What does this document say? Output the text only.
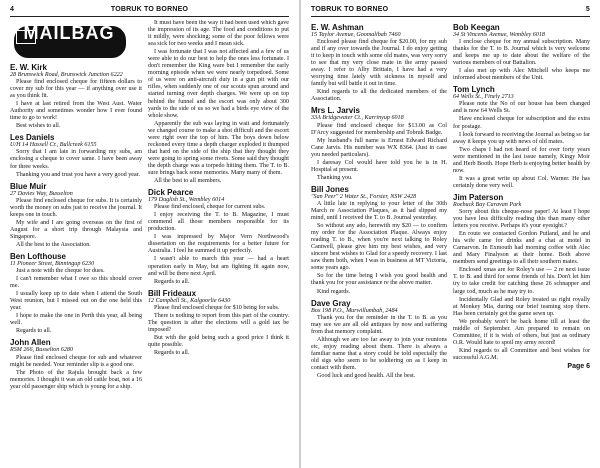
4	TOBRUK TO BORNEO
MAILBAG
E. W. Kirk
28 Brunswick Road, Brunswick Junction 6222

Please find enclosed cheque for fifteen dollars to cover my sub for this year — if anything over use it as you think fit.

I have at last retired from the West Aust. Water Authority and sometimes wonder how I ever found time to go to work!

Best wishes to all.

Les Daniels
U/H 14 Hassell Cr., Bullcreek 6155

Sorry that I am late in forwarding my subs, am enclosing a cheque to cover same. I have been away for three weeks.

Thanking you and trust you have a very good year.

Blue Muir
27 Davies Way, Busselton

Please find enclosed cheque for subs. It is certainly worth the money on subs just to receive the journal. It keeps one in touch.

My wife and I are going overseas on the first of August for a short trip through Malaysia and Singapore.

All the best to the Association.

Ben Lofthouse
11 Pioneer Street, Binningup 6230

Just a note with the cheque for dues.

I can't remember what I owe so this should cover me.

I usually keep up to date when I attend the South West reunion, but I missed out on the one held this year.

I hope to make the one in Perth this year, all being well.

Regards to all.

John Allen
RSM 266, Busselton 6280

Please find enclosed cheque for sub and whatever might be needed. Your reminder slip is a good one.

The Photo of the Rajula brought back a few memories. I thought it was an old cattle boat, not a 16 year old passenger ship which is young for a ship.

It must have been the way it had been used which gave the impression of its age. The food and conditions to put it mildly, were shocking; some of the poor fellows were sea sick for two weeks and I mean sick.

I was fortunate that I was not affected and a few of us were able to do our best to help the ones less fortunate. I don't remember the King ware but I remember the early morning episode when we were nearly torpedoed. Some of us were on anti-aircraft duty in a gun pit with our rifles, when suddenly one of our scouts spun around and started turning over depth charges. We were up on top behind the funnel and the escort was only about 300 yards to the side of us so we had a birds eye view of the whole show.

Apparently the sub was laying in wait and fortunately we changed course to make a shot difficult and the escort were right over the top of him. The boys down below reckoned every time a depth charger exploded it thumped that hard on the side of the ship that they thought they were going to spring some rivets. Some said they thought the depth charge was a torpedo hitting them. The T. to B. sure brings back some memories. Many many of them.

All the best to all members.

Dick Pearce
179 Daglish St., Wembley 6014

Please find enclosed, cheque for current subs.

I enjoy receiving the T. to B. Magazine, I must commend all those members responsible for its production.

I was impressed by Major Vern Northwood's dissertation on the requirements for a better future for Australia. I feel he summed it up perfectly.

I wasn't able to march this year — had a heart operation early in May, but am fighting fit again now, and will be there next April.

Regards to all.

Bill Frideaux
12 Campbell St., Kalgoorlie 6430

Please find enclosed cheque for $10 being for subs.

There is nothing to report from this part of the country. The question is after the elections will a gold tax be imposed?

But with the gold being such a good price I think it quite possible.

Regards to all.

TOBRUK TO BORNEO	5
E. W. Ashman
15 Taylor Avenue, Goomalibah 7460

Enclosed please find cheque for $20.00, for my sub and if any over towards the Journal. I do enjoy getting it to keep in touch with some old mates, was very sorry to see that my very close mate in the army passed away. I refer to Alby Brittain, I have had a very worrying time lately with sickness in myself and family but will battle it out in time.

Kind regards to all the dedicated members of the Association.

Mrs L. Jarvis
33A Bridgewater Ct., Karrinyup 6018

Please find enclosed cheque for $13.00 as Col D'Arcy suggested for membership and Tobruk Badge.

My husband's full name is Ernest Edward Richard Cane Jarvis. His number was WX 8364. (Just in case you needed particulars).

I daresay Col would have told you he is in H. Hospital at present.

Thanking you.

Bill Jones
"San Peer" 2 Water St., Forster, NSW 2428

A little late in replying to your letter of the 30th March re Association Plaques, as it had slipped my mind, until I received the T. to B. Journal yesterday.

So without any ado, herewith my $20 — to confirm my order for the Association Plaque. Always enjoy reading T. to B., when you're next talking to Roley Cantwell, please give him my best wishes, and very sincere best wishes to Glad for a speedy recovery. I last saw them both, when I was in business at MT Victoria, some years ago.

So for the time being I wish you good health and thank you for your assistance re the above matter.

Kind regards.

Dave Gray
Box 198 P.O., Murwillumbah, 2484

Thank you for the reminder in the T. to B. as you may see we are all old antiques by now and suffering from that memory complaint.

Although we are too far away to join your reunions etc, enjoy reading about them. There is always a familiar name that a story could be told especially the old sigs who seem to be soldiering on as I keep in contact with them.

Good luck and good health. All the best.

Bob Keegan
34 St Vincents Avenue, Wembley 6018

I enclose cheque for my annual subscription. Many thanks for the T. to B. Journal which is very welcome and keeps me up to date about the welfare of the various members of our Battalion.

I also met up with Alec Mitchell who keeps me informed about members of the Unit.

Tom Lynch
64 Wells St., Finely 2713

Please note the No of our house has been changed and is now 64 Wells St.

Have enclosed cheque for subscription and the extra for postage.

I look forward to receiving the Journal as being so far away it keeps you up with news of old mates.

Two chaps I had not heard of for over forty years were mentioned in the last issue namely, Kingy Moir and Herb Booth. Hope Herb is enjoying better health by now.

It was a great write up about Col. Warner. He has certainly done very well.

Jim Paterson
Roebuck Bay Caravan Park

Sorry about this cheque-nose paper! At least I hope you have less difficulty reading this than many other letters you receive. Perhaps it's your eyesight.?

En route we contacted Gordon Putland, and he and his wife came for drinks and a chat at motel in Carnarvon. In Exmouth had morning coffee with Alec and Mary Finalyson at their home. Both above members send greetings to all their southern mates.

Enclosed xmas are for Roley's use — 2 re next issue T. to B. and third for some friends of his. Don't let him try to take credit for catching these 26 schnapper and large cod, much as he may try to.

Incidentally Glad and Roley treated us right royally at Monkey Mia, during our brief teaming stop there. Has been certainly got the game sewn up.

We probably won't be back home till at least the middle of September. Am prepared to remain on Committee, if it is wish of others, but just as ordinary O.R. Would hate to spoil my army record!

Kind regards to all Committee and best wishes for successful A.G.M.

Page 6
